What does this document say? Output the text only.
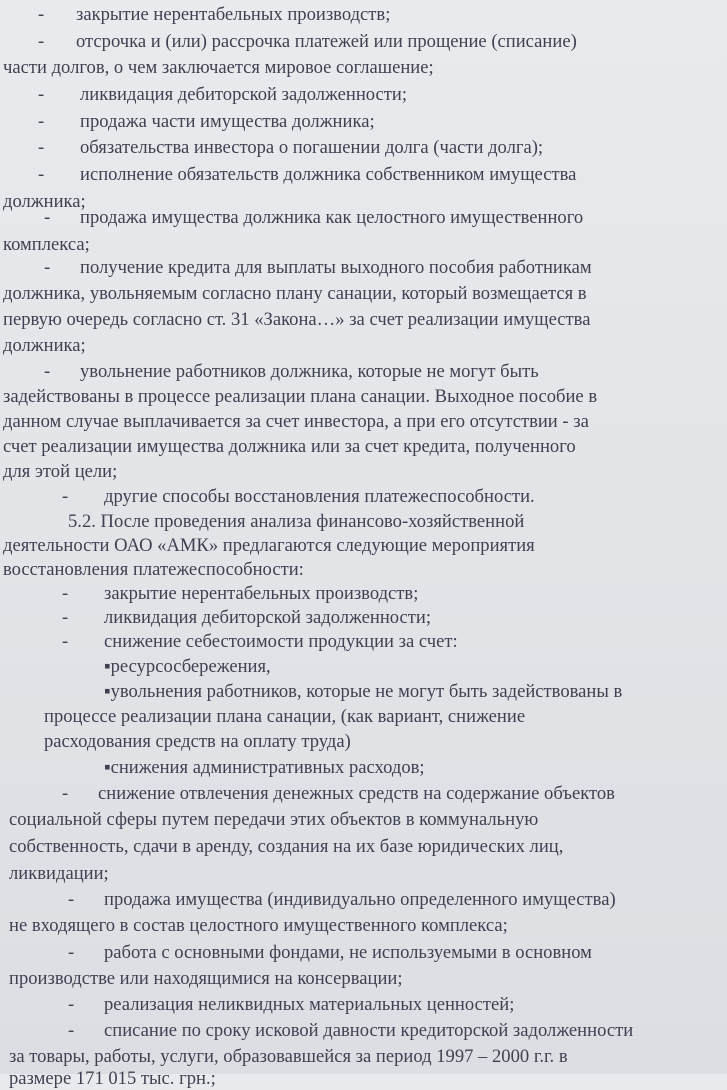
- закрытие нерентабельных производств;

- отсрочка и (или) рассрочка платежей или прощение (списание)

части долгов, о чем заключается мировое соглашение;

- ликвидация дебиторской задолженности;

- продажа части имущества должника;

- обязательства инвестора о погашении долга (части долга);

- исполнение обязательств должника собственником имущества

должника;

- продажа имущества должника как целостного имущественного

комплекса;

- получение кредита для выплаты выходного пособия работникам

должника, увольняемым согласно плану санации, который возмещается в

первую очередь согласно ст. 31 «Закона…» за счет реализации имущества

должника;

- увольнение работников должника, которые не могут быть

задействованы в процессе реализации плана санации. Выходное пособие в

данном случае выплачивается за счет инвестора, а при его отсутствии - за

счет реализации имущества должника или за счет кредита, полученного

для этой цели;

- другие способы восстановления платежеспособности.

5.2. После проведения анализа финансово-хозяйственной

деятельности ОАО «АМК» предлагаются следующие мероприятия

восстановления платежеспособности:

- закрытие нерентабельных производств;

- ликвидация дебиторской задолженности;

- снижение себестоимости продукции за счет:

▪ресурсосбережения,

▪увольнения работников, которые не могут быть задействованы в

процессе реализации плана санации, (как вариант, снижение

расходования средств на оплату труда)

▪снижения административных расходов;

- снижение отвлечения денежных средств на содержание объектов

социальной сферы путем передачи этих объектов в коммунальную

собственность, сдачи в аренду, создания на их базе юридических лиц,

ликвидации;

- продажа имущества (индивидуально определенного имущества)

не входящего в состав целостного имущественного комплекса;

- работа с основными фондами, не используемыми в основном

производстве или находящимися на консервации;

- реализация неликвидных материальных ценностей;

- списание по сроку исковой давности кредиторской задолженности

за товары, работы, услуги, образовавшейся за период 1997 – 2000 г.г. в

размере 171 015 тыс. грн.;
